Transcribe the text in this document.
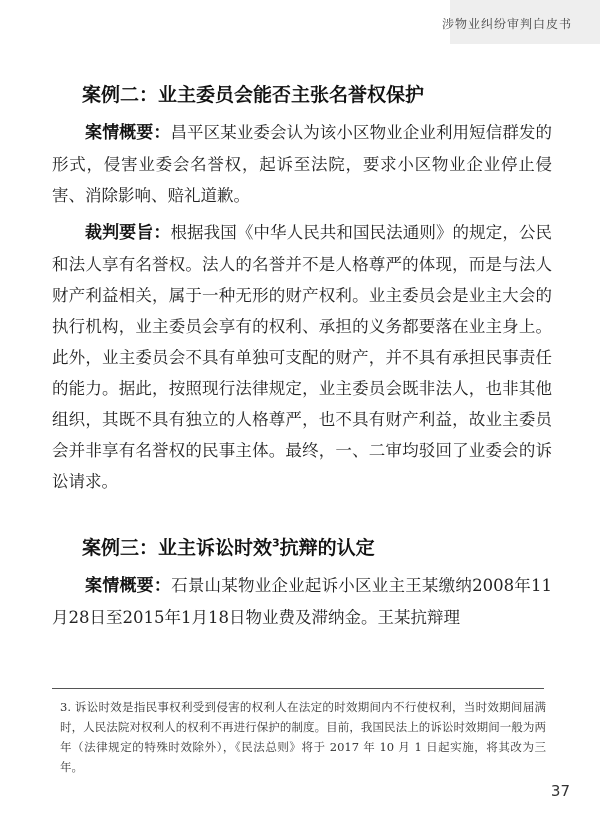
涉物业纠纷审判白皮书
案例二：业主委员会能否主张名誉权保护

案情概要：昌平区某业委会认为该小区物业企业利用短信群发的形式，侵害业委会名誉权，起诉至法院，要求小区物业企业停止侵害、消除影响、赔礼道歉。

裁判要旨：根据我国《中华人民共和国民法通则》的规定，公民和法人享有名誉权。法人的名誉并不是人格尊严的体现，而是与法人财产利益相关，属于一种无形的财产权利。业主委员会是业主大会的执行机构，业主委员会享有的权利、承担的义务都要落在业主身上。此外，业主委员会不具有单独可支配的财产，并不具有承担民事责任的能力。据此，按照现行法律规定，业主委员会既非法人，也非其他组织，其既不具有独立的人格尊严，也不具有财产利益，故业主委员会并非享有名誉权的民事主体。最终，一、二审均驳回了业委会的诉讼请求。

案例三：业主诉讼时效$^3$抗辩的认定

案情概要：石景山某物业企业起诉小区业主王某缴纳2008年11月28日至2015年1月18日物业费及滞纳金。王某抗辩理

3. 诉讼时效是指民事权利受到侵害的权利人在法定的时效期间内不行使权利，当时效期间届满时，人民法院对权利人的权利不再进行保护的制度。目前，我国民法上的诉讼时效期间一般为两年（法律规定的特殊时效除外），《民法总则》将于 2017 年 10 月 1 日起实施，将其改为三年。
37
